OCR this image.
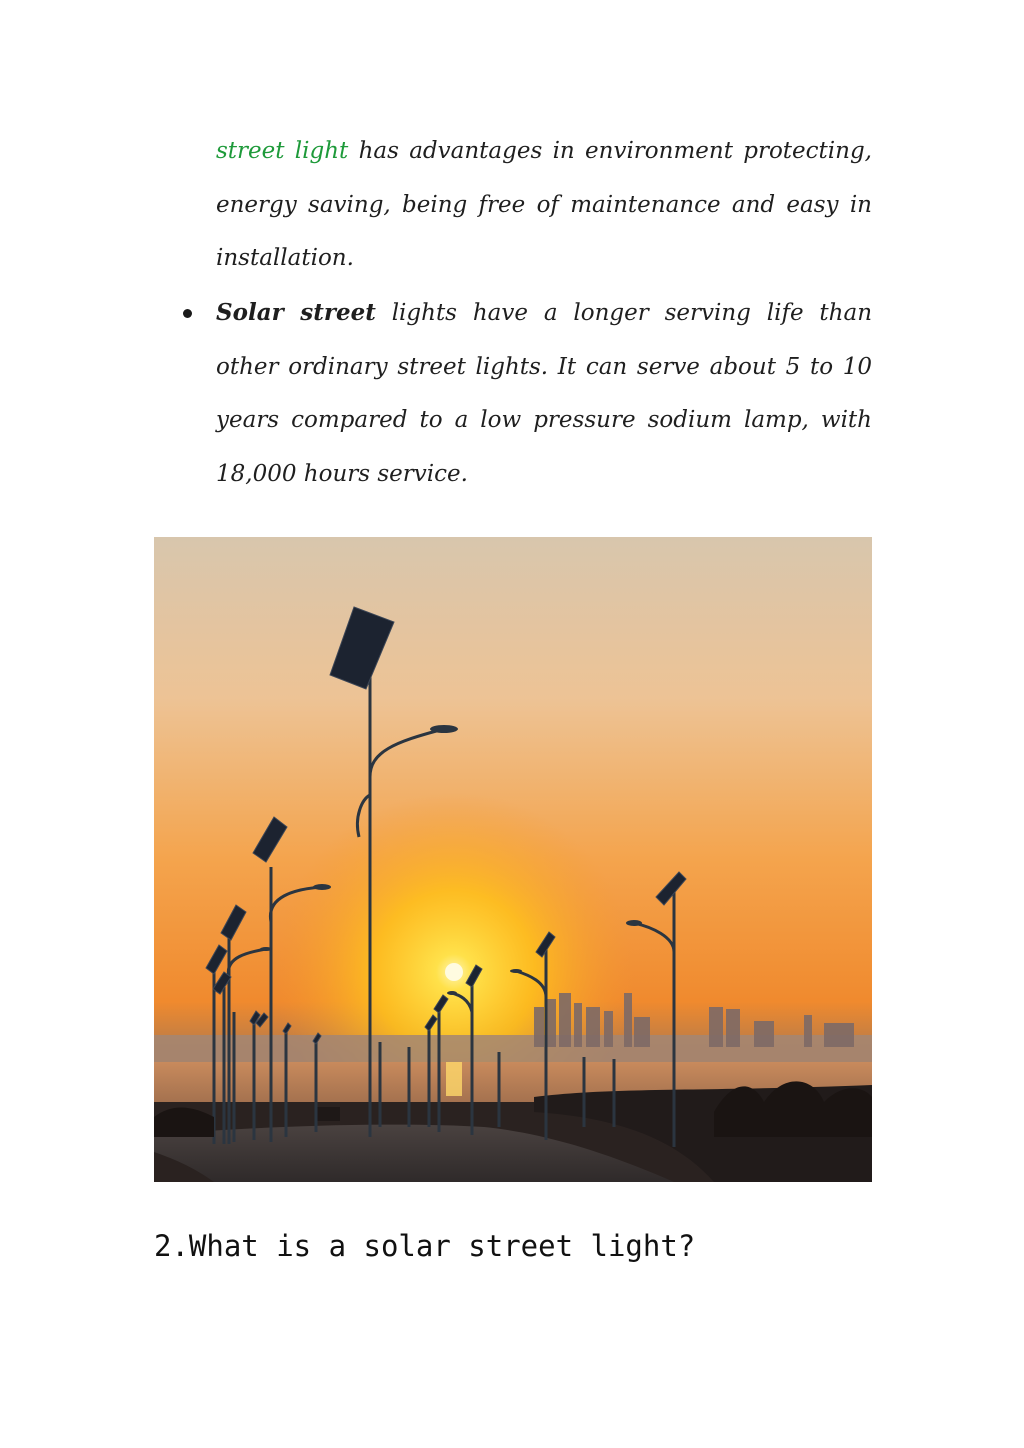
street light has advantages in environment protecting, energy saving, being free of maintenance and easy in installation.
Solar street lights have a longer serving life than other ordinary street lights. It can serve about 5 to 10 years compared to a low pressure sodium lamp, with 18,000 hours service.
2.What is a solar street light?
